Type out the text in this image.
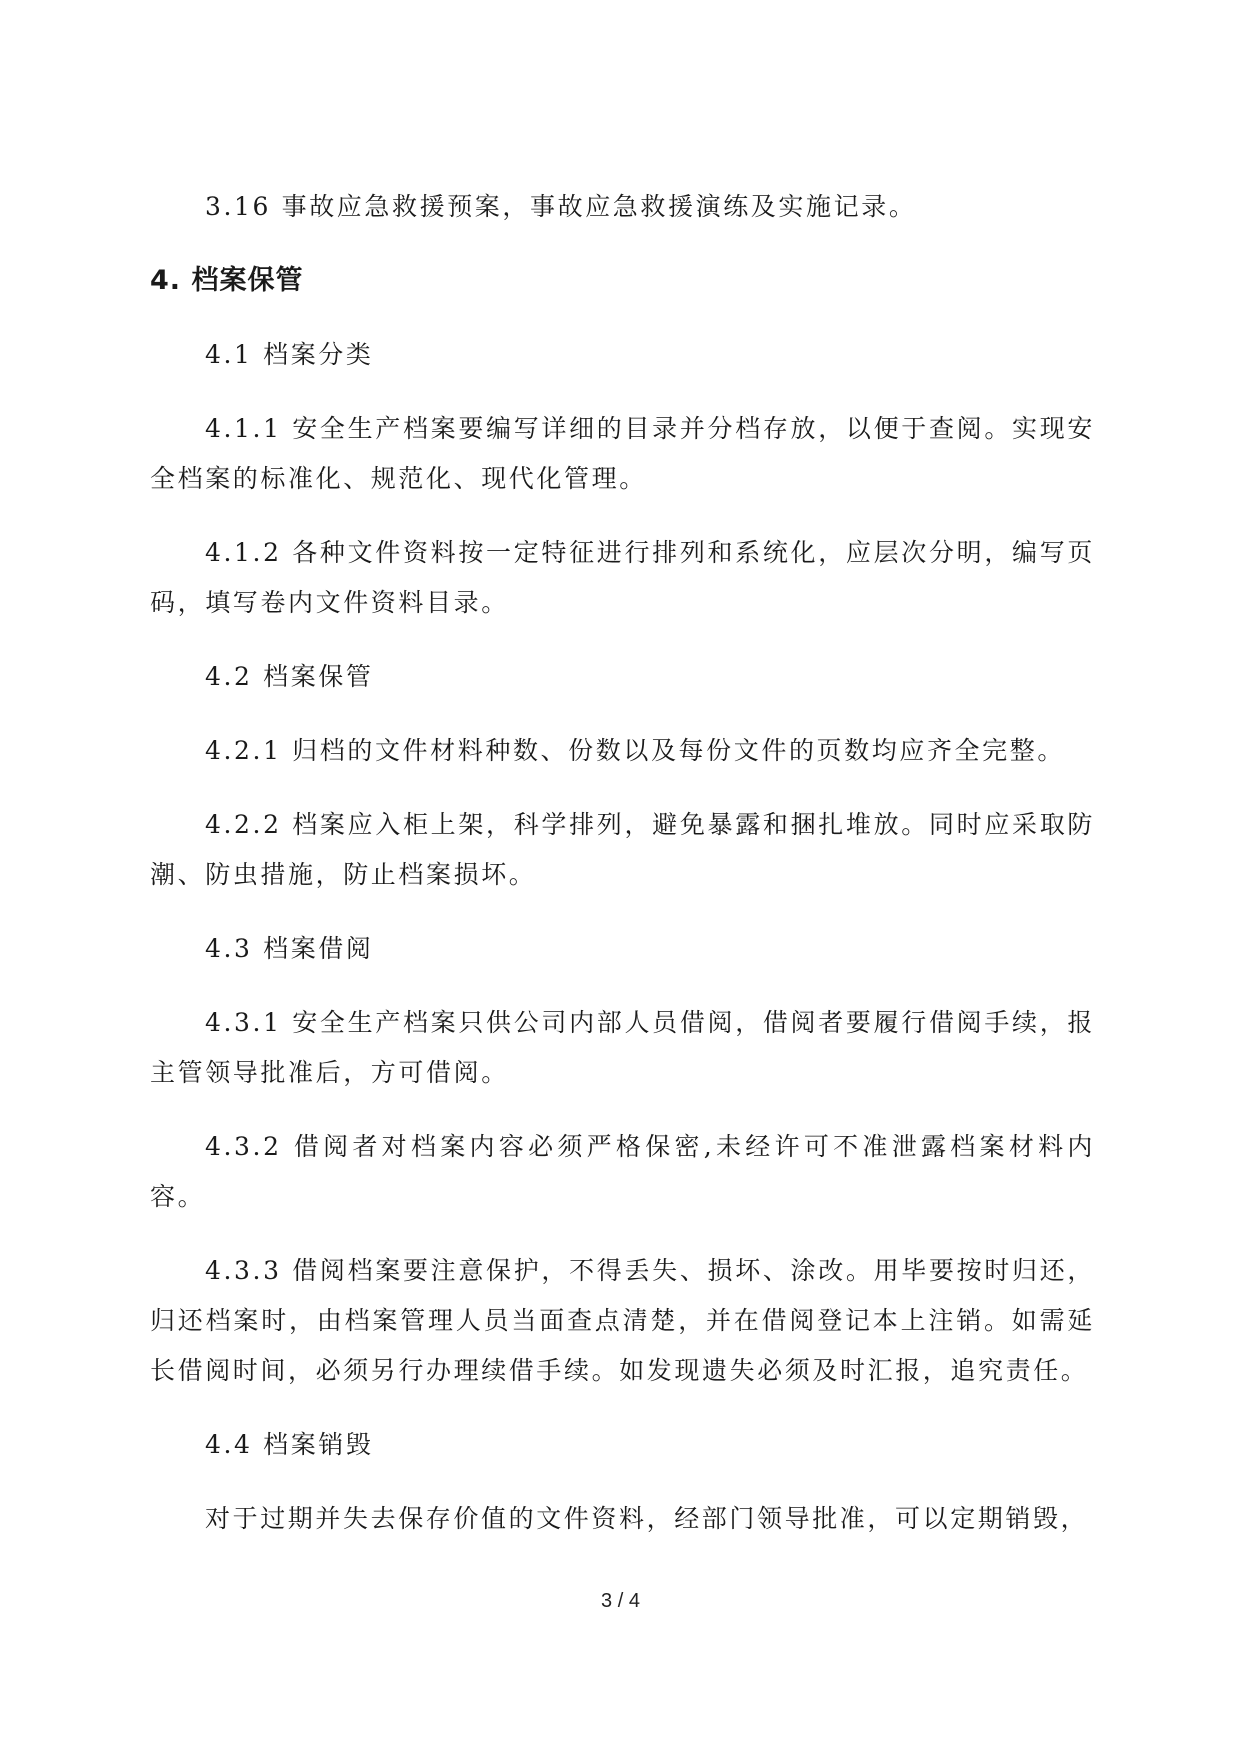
3.16 事故应急救援预案，事故应急救援演练及实施记录。

4. 档案保管

4.1 档案分类

4.1.1 安全生产档案要编写详细的目录并分档存放，以便于查阅。实现安全档案的标准化、规范化、现代化管理。

4.1.2 各种文件资料按一定特征进行排列和系统化，应层次分明，编写页码，填写卷内文件资料目录。

4.2 档案保管

4.2.1 归档的文件材料种数、份数以及每份文件的页数均应齐全完整。

4.2.2 档案应入柜上架，科学排列，避免暴露和捆扎堆放。同时应采取防潮、防虫措施，防止档案损坏。

4.3 档案借阅

4.3.1 安全生产档案只供公司内部人员借阅，借阅者要履行借阅手续，报主管领导批准后，方可借阅。

4.3.2 借阅者对档案内容必须严格保密,未经许可不准泄露档案材料内容。

4.3.3 借阅档案要注意保护，不得丢失、损坏、涂改。用毕要按时归还，归还档案时，由档案管理人员当面查点清楚，并在借阅登记本上注销。如需延长借阅时间，必须另行办理续借手续。如发现遗失必须及时汇报，追究责任。

4.4 档案销毁

对于过期并失去保存价值的文件资料，经部门领导批准，可以定期销毁，

3 / 4
